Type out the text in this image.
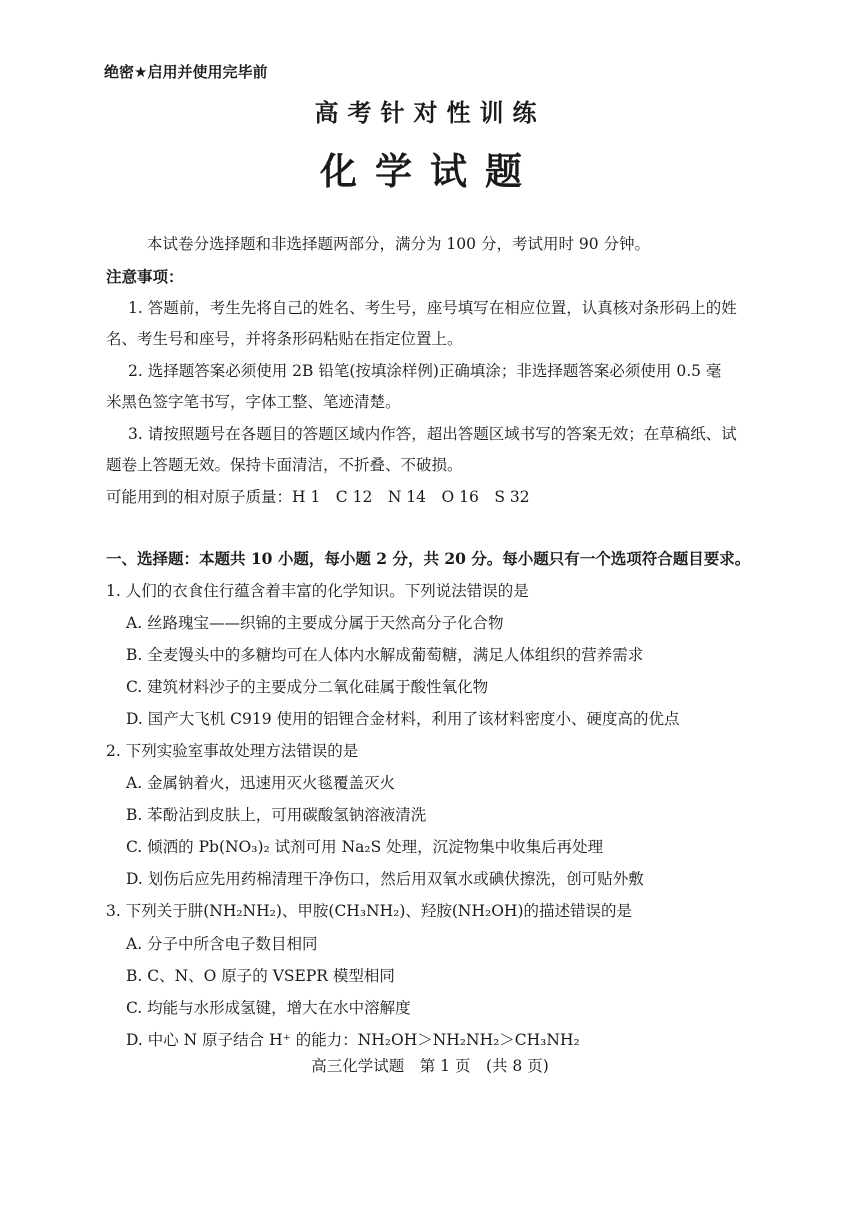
绝密★启用并使用完毕前
高考针对性训练
化学试题
本试卷分选择题和非选择题两部分，满分为 100 分，考试用时 90 分钟。
注意事项：
1. 答题前，考生先将自己的姓名、考生号，座号填写在相应位置，认真核对条形码上的姓
名、考生号和座号，并将条形码粘贴在指定位置上。
2. 选择题答案必须使用 2B 铅笔(按填涂样例)正确填涂；非选择题答案必须使用 0.5 毫
米黑色签字笔书写，字体工整、笔迹清楚。
3. 请按照题号在各题目的答题区域内作答，超出答题区域书写的答案无效；在草稿纸、试
题卷上答题无效。保持卡面清洁，不折叠、不破损。
可能用到的相对原子质量：H 1　C 12　N 14　O 16　S 32
一、选择题：本题共 10 小题，每小题 2 分，共 20 分。每小题只有一个选项符合题目要求。
1. 人们的衣食住行蕴含着丰富的化学知识。下列说法错误的是
A. 丝路瑰宝——织锦的主要成分属于天然高分子化合物
B. 全麦馒头中的多糖均可在人体内水解成葡萄糖，满足人体组织的营养需求
C. 建筑材料沙子的主要成分二氧化硅属于酸性氧化物
D. 国产大飞机 C919 使用的铝锂合金材料，利用了该材料密度小、硬度高的优点
2. 下列实验室事故处理方法错误的是
A. 金属钠着火，迅速用灭火毯覆盖灭火
B. 苯酚沾到皮肤上，可用碳酸氢钠溶液清洗
C. 倾洒的 Pb(NO₃)₂ 试剂可用 Na₂S 处理，沉淀物集中收集后再处理
D. 划伤后应先用药棉清理干净伤口，然后用双氧水或碘伏擦洗，创可贴外敷
3. 下列关于肼(NH₂NH₂)、甲胺(CH₃NH₂)、羟胺(NH₂OH)的描述错误的是
A. 分子中所含电子数目相同
B. C、N、O 原子的 VSEPR 模型相同
C. 均能与水形成氢键，增大在水中溶解度
D. 中心 N 原子结合 H⁺ 的能力：NH₂OH＞NH₂NH₂＞CH₃NH₂
高三化学试题　第 1 页　(共 8 页)
